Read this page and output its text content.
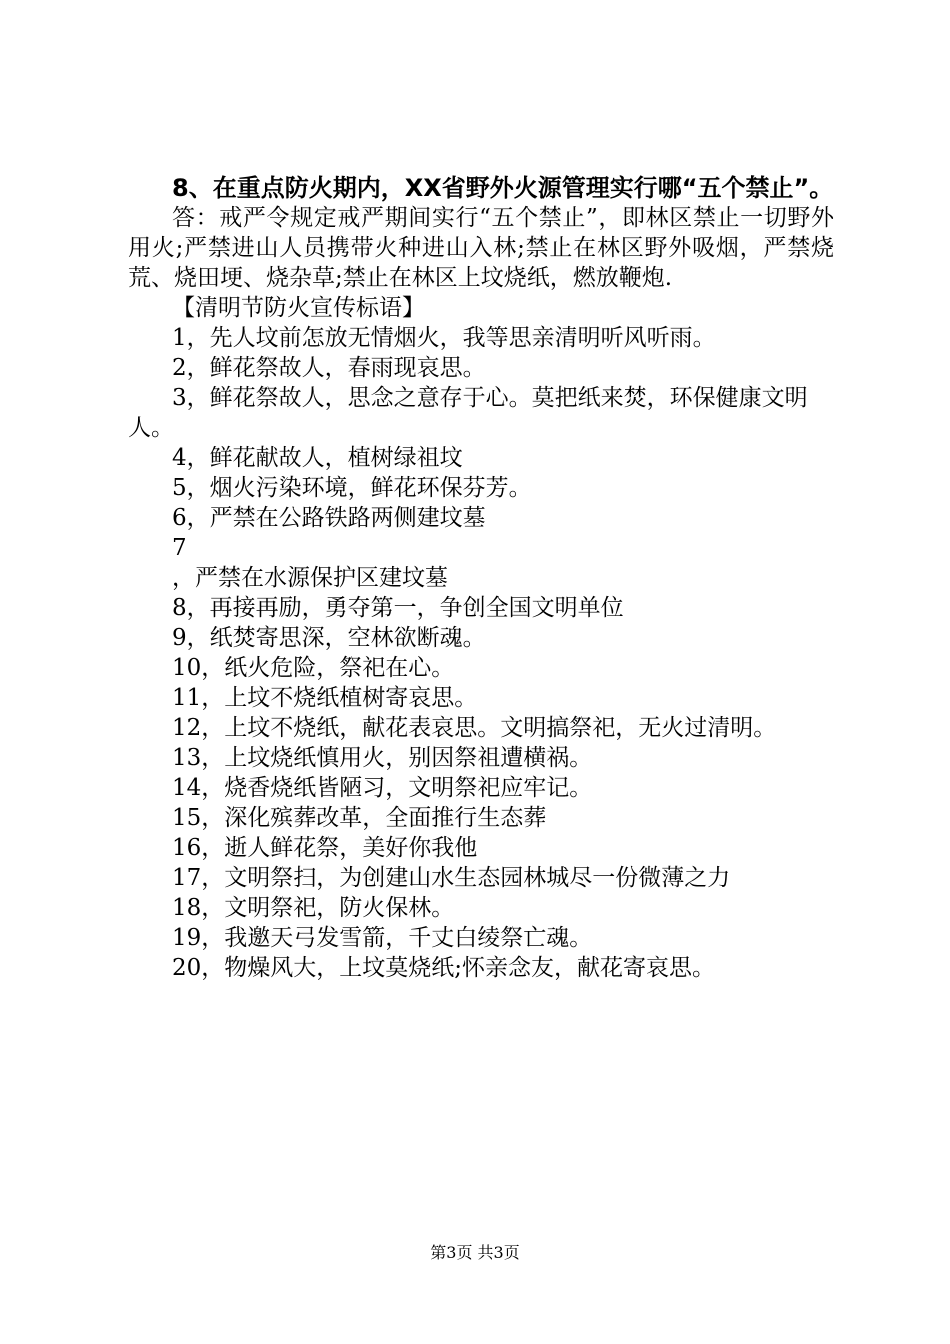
8、在重点防火期内，XX省野外火源管理实行哪“五个禁止”。

答：戒严令规定戒严期间实行“五个禁止”，即林区禁止一切野外用火;严禁进山人员携带火种进山入林;禁止在林区野外吸烟，严禁烧荒、烧田埂、烧杂草;禁止在林区上坟烧纸，燃放鞭炮.

【清明节防火宣传标语】

1，先人坟前怎放无情烟火，我等思亲清明听风听雨。
2，鲜花祭故人，春雨现哀思。
3，鲜花祭故人，思念之意存于心。莫把纸来焚，环保健康文明人。
4，鲜花献故人，植树绿祖坟
5，烟火污染环境，鲜花环保芬芳。
6，严禁在公路铁路两侧建坟墓
7
，严禁在水源保护区建坟墓
8，再接再励，勇夺第一，争创全国文明单位
9，纸焚寄思深，空林欲断魂。
10，纸火危险，祭祀在心。
11，上坟不烧纸植树寄哀思。
12，上坟不烧纸，献花表哀思。文明搞祭祀，无火过清明。
13，上坟烧纸慎用火，别因祭祖遭横祸。
14，烧香烧纸皆陋习，文明祭祀应牢记。
15，深化殡葬改革，全面推行生态葬
16，逝人鲜花祭，美好你我他
17，文明祭扫，为创建山水生态园林城尽一份微薄之力
18，文明祭祀，防火保林。
19，我邀天弓发雪箭，千丈白绫祭亡魂。
20，物燥风大，上坟莫烧纸;怀亲念友，献花寄哀思。
第3页 共3页
